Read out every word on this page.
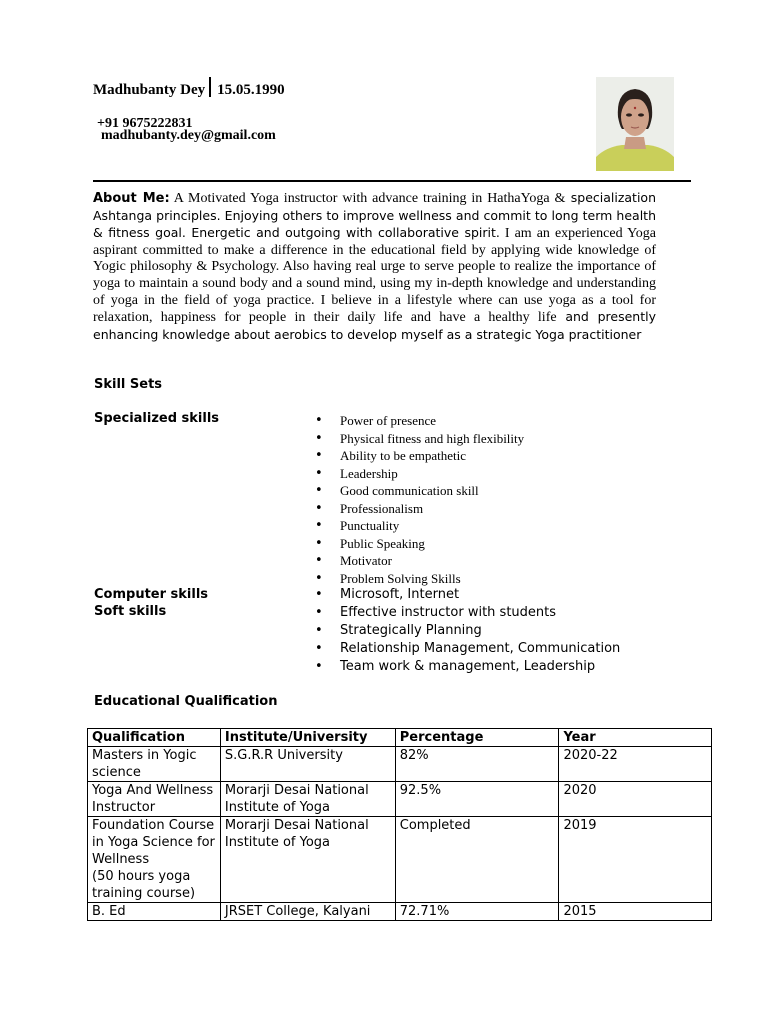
Madhubanty Dey 15.05.1990
+91 9675222831
madhubanty.dey@gmail.com
About Me: A Motivated Yoga instructor with advance training in HathaYoga & specialization Ashtanga principles. Enjoying others to improve wellness and commit to long term health & fitness goal. Energetic and outgoing with collaborative spirit. I am an experienced Yoga aspirant committed to make a difference in the educational field by applying wide knowledge of Yogic philosophy & Psychology. Also having real urge to serve people to realize the importance of yoga to maintain a sound body and a sound mind, using my in-depth knowledge and understanding of yoga in the field of yoga practice. I believe in a lifestyle where can use yoga as a tool for relaxation, happiness for people in their daily life and have a healthy life and presently enhancing knowledge about aerobics to develop myself as a strategic Yoga practitioner
Skill Sets
Specialized skills	• Power of presence
• Physical fitness and high flexibility
• Ability to be empathetic
• Leadership
• Good communication skill
• Professionalism
• Punctuality
• Public Speaking
• Motivator
• Problem Solving Skills
Computer skills
Soft skills
• Microsoft, Internet
• Effective instructor with students
• Strategically Planning
• Relationship Management, Communication
• Team work & management, Leadership
Educational Qualification
Qualification	Institute/University	Percentage	Year
Masters in Yogic science	S.G.R.R University	82%	2020-22
Yoga And Wellness Instructor	Morarji Desai National Institute of Yoga	92.5%	2020
Foundation Course in Yoga Science for Wellness
(50 hours yoga training course)	Morarji Desai National Institute of Yoga	Completed	2019
B. Ed	JRSET College, Kalyani	72.71%	2015
